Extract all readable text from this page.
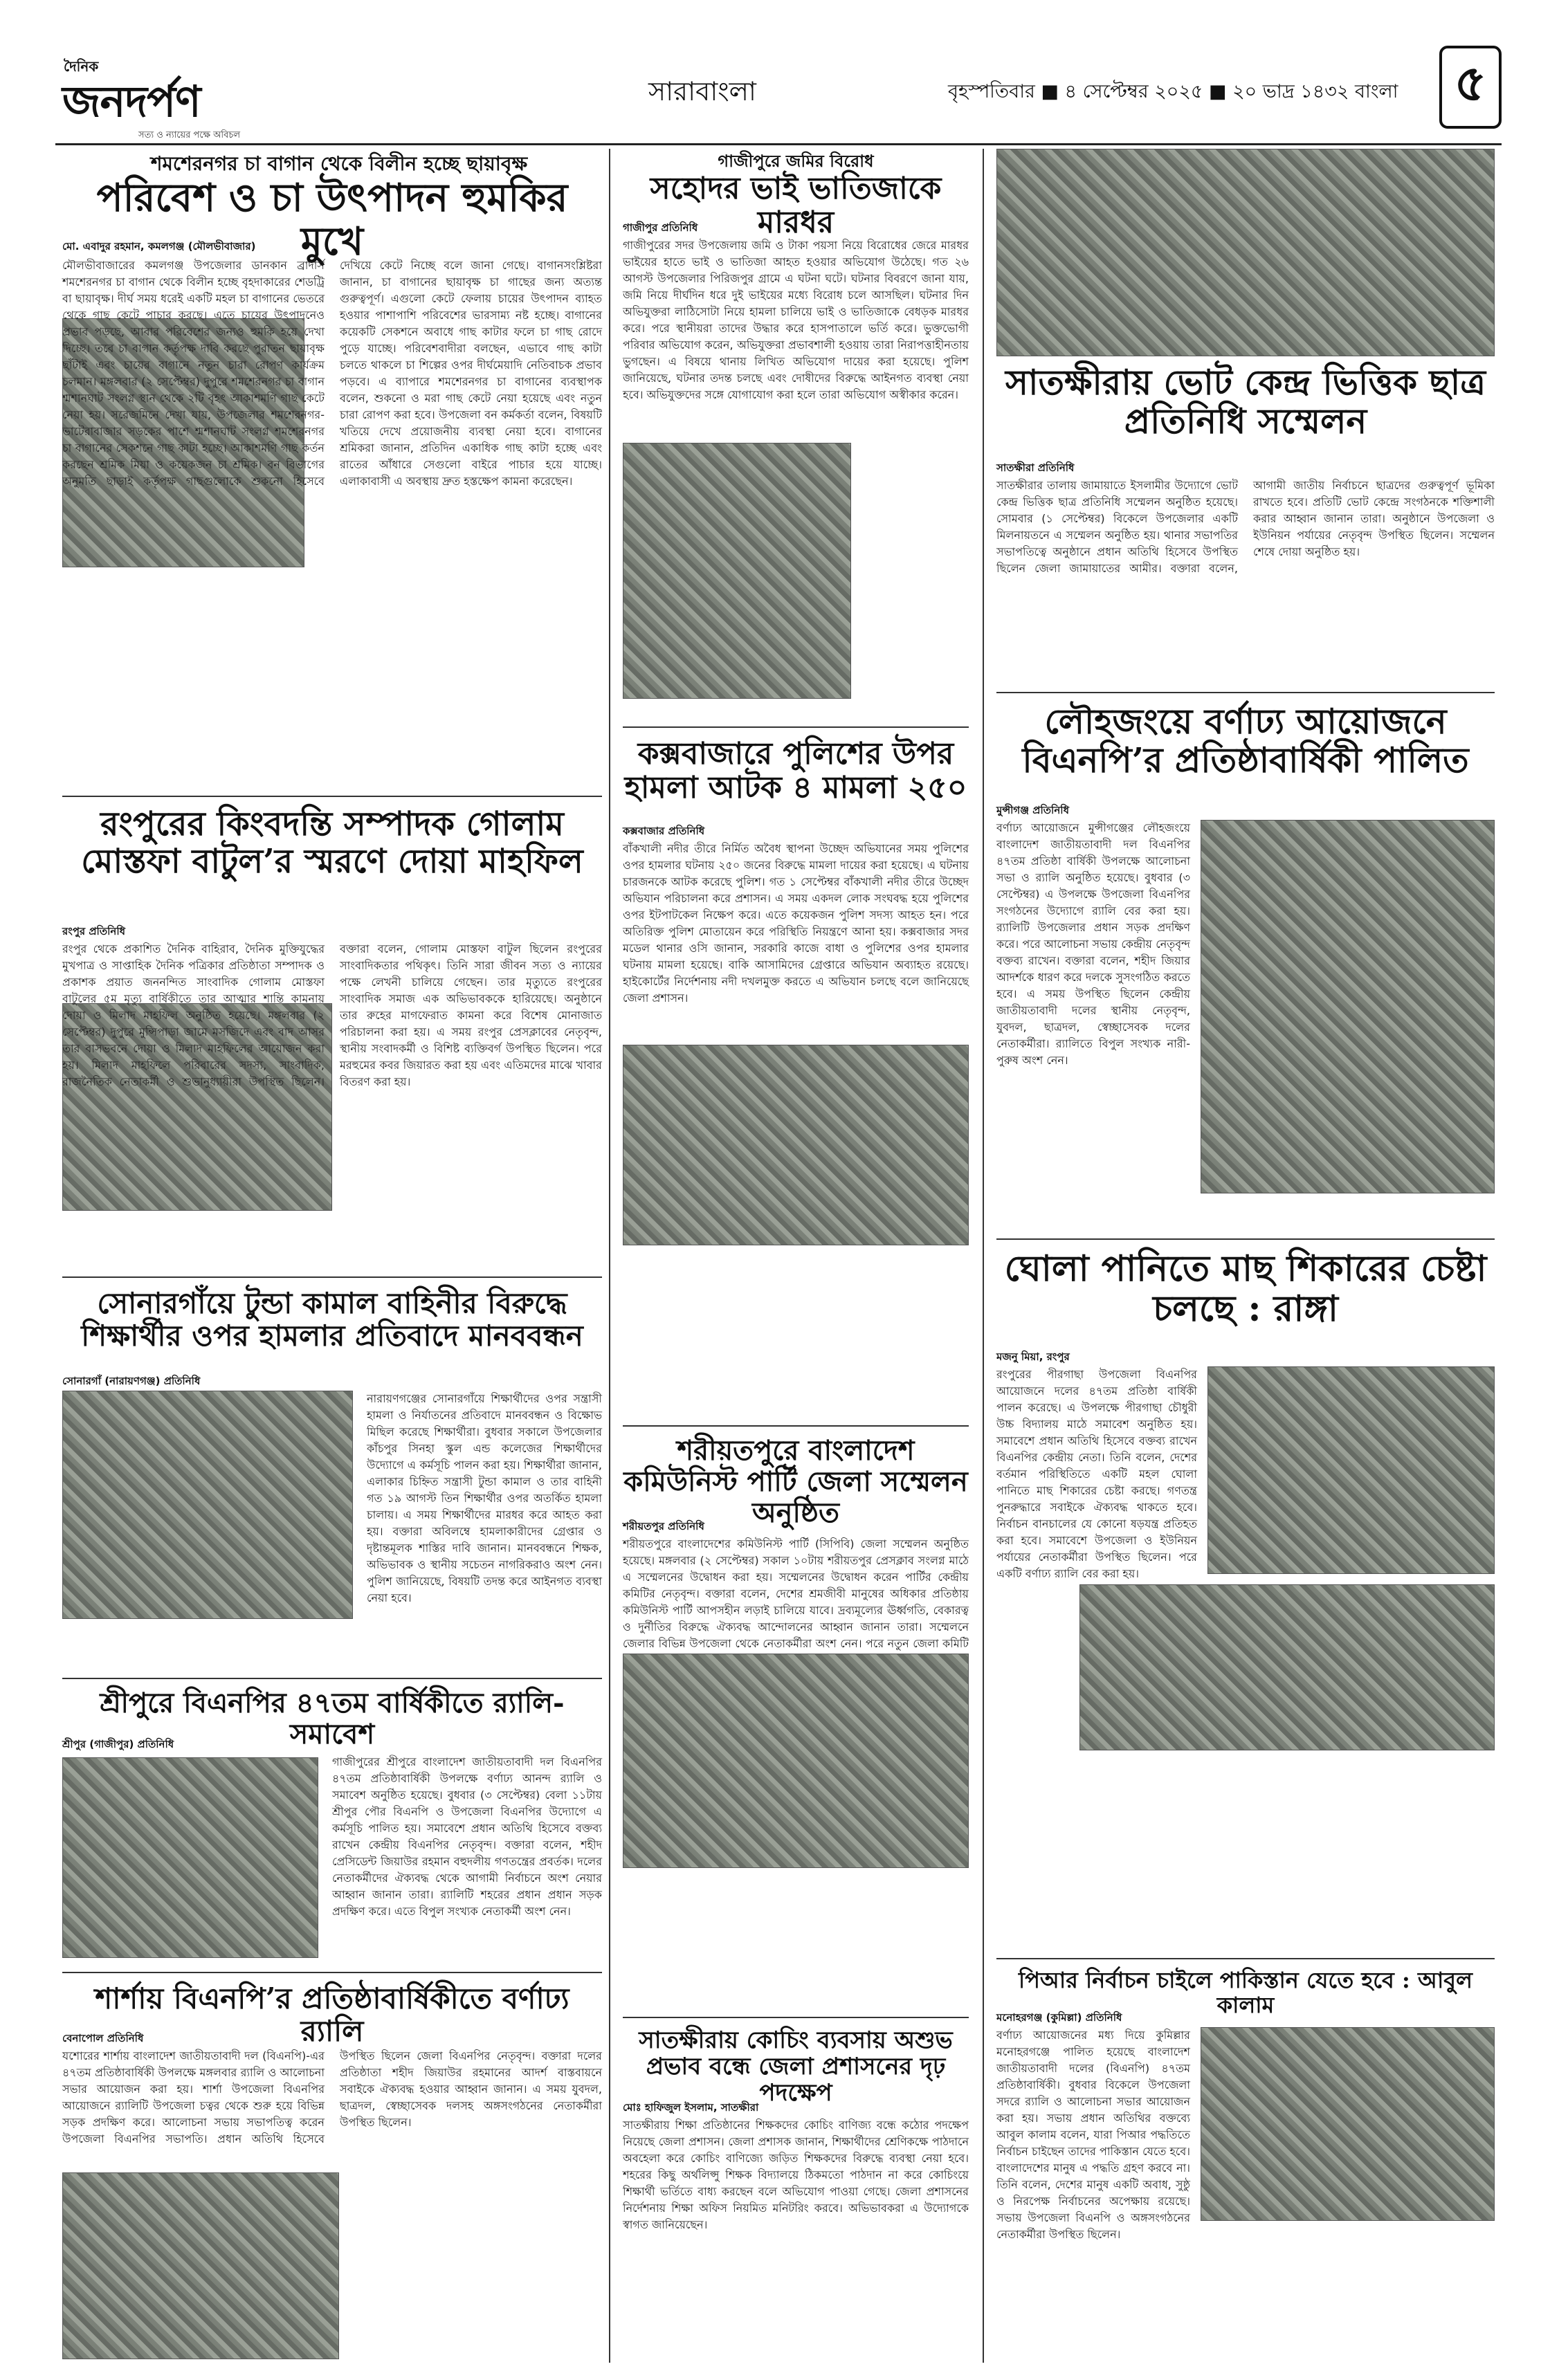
দৈনিক
জনদর্পণ
সত্য ও ন্যায়ের পক্ষে অবিচল
সারাবাংলা	বৃহস্পতিবার ■ ৪ সেপ্টেম্বর ২০২৫ ■ ২০ ভাদ্র ১৪৩২ বাংলা	৫
শমশেরনগর চা বাগান থেকে বিলীন হচ্ছে ছায়াবৃক্ষ
পরিবেশ ও চা উৎপাদন হুমকির মুখে
মো. এবাদুর রহমান, কমলগঞ্জ (মৌলভীবাজার)
মৌলভীবাজারের কমলগঞ্জ উপজেলার ডানকান ব্রাদার্স শমশেরনগর চা বাগান থেকে বিলীন হচ্ছে বৃহদাকারের শেডট্রি বা ছায়াবৃক্ষ। দীর্ঘ সময় ধরেই একটি মহল চা বাগানের ভেতরে থেকে গাছ কেটে পাচার করছে। এতে চায়ের উৎপাদনেও প্রভাব পড়ছে, আবার পরিবেশের জন্যও হুমকি হয়ে দেখা দিচ্ছে। তবে চা বাগান কর্তৃপক্ষ দাবি করছে পুরাতন ছায়াবৃক্ষ ছাঁটাই এবং চায়ের বাগানে নতুন চারা রোপণ কার্যক্রম চলমান। মঙ্গলবার (২ সেপ্টেম্বর) দুপুরে শমশেরনগর চা বাগান শ্মশানঘাট সংলগ্ন স্থান থেকে ২টি বৃহৎ আকাশমণি গাছ কেটে নেয়া হয়। সরেজমিনে দেখা যায়, উপজেলার শমশেরনগর-ভাটেরাবাজার সড়কের পাশে শ্মশানঘাট সংলগ্ন শমশেরনগর চা বাগানের সেকশনে গাছ কাটা হচ্ছে। আকাশমণি গাছ কর্তন করছেন শ্রমিক মিয়া ও কয়েকজন চা শ্রমিক। বন বিভাগের অনুমতি ছাড়াই কর্তৃপক্ষ গাছগুলোকে শুকনো হিসেবে দেখিয়ে কেটে নিচ্ছে বলে জানা গেছে। বাগানসংশ্লিষ্টরা জানান, চা বাগানের ছায়াবৃক্ষ চা গাছের জন্য অত্যন্ত গুরুত্বপূর্ণ। এগুলো কেটে ফেলায় চায়ের উৎপাদন ব্যাহত হওয়ার পাশাপাশি পরিবেশের ভারসাম্য নষ্ট হচ্ছে। বাগানের কয়েকটি সেকশনে অবাধে গাছ কাটার ফলে চা গাছ রোদে পুড়ে যাচ্ছে। পরিবেশবাদীরা বলছেন, এভাবে গাছ কাটা চলতে থাকলে চা শিল্পের ওপর দীর্ঘমেয়াদি নেতিবাচক প্রভাব পড়বে। এ ব্যাপারে শমশেরনগর চা বাগানের ব্যবস্থাপক বলেন, শুকনো ও মরা গাছ কেটে নেয়া হয়েছে এবং নতুন চারা রোপণ করা হবে। উপজেলা বন কর্মকর্তা বলেন, বিষয়টি খতিয়ে দেখে প্রয়োজনীয় ব্যবস্থা নেয়া হবে। বাগানের শ্রমিকরা জানান, প্রতিদিন একাধিক গাছ কাটা হচ্ছে এবং রাতের আঁধারে সেগুলো বাইরে পাচার হয়ে যাচ্ছে। এলাকাবাসী এ অবস্থায় দ্রুত হস্তক্ষেপ কামনা করেছেন।
রংপুরের কিংবদন্তি সম্পাদক গোলাম মোস্তফা বাটুল’র স্মরণে দোয়া মাহফিল
রংপুর প্রতিনিধি
রংপুর থেকে প্রকাশিত দৈনিক বাহিরাব, দৈনিক মুক্তিযুদ্ধের মুখপাত্র ও সাপ্তাহিক দৈনিক পত্রিকার প্রতিষ্ঠাতা সম্পাদক ও প্রকাশক প্রয়াত জননন্দিত সাংবাদিক গোলাম মোস্তফা বাটুলের ৫ম মৃত্যু বার্ষিকীতে তার আত্মার শান্তি কামনায় দোয়া ও মিলাদ মাহফিল অনুষ্ঠিত হয়েছে। মঙ্গলবার (২ সেপ্টেম্বর) দুপুরে মুন্সিপাড়া জামে মসজিদে এবং বাদ আসর তার বাসভবনে দোয়া ও মিলাদ মাহফিলের আয়োজন করা হয়। মিলাদ মাহফিলে পরিবারের সদস্য, সাংবাদিক, রাজনৈতিক নেতাকর্মী ও শুভানুধ্যায়ীরা উপস্থিত ছিলেন। বক্তারা বলেন, গোলাম মোস্তফা বাটুল ছিলেন রংপুরের সাংবাদিকতার পথিকৃৎ। তিনি সারা জীবন সত্য ও ন্যায়ের পক্ষে লেখনী চালিয়ে গেছেন। তার মৃত্যুতে রংপুরের সাংবাদিক সমাজ এক অভিভাবককে হারিয়েছে। অনুষ্ঠানে তার রুহের মাগফেরাত কামনা করে বিশেষ মোনাজাত পরিচালনা করা হয়। এ সময় রংপুর প্রেসক্লাবের নেতৃবৃন্দ, স্থানীয় সংবাদকর্মী ও বিশিষ্ট ব্যক্তিবর্গ উপস্থিত ছিলেন। পরে মরহুমের কবর জিয়ারত করা হয় এবং এতিমদের মাঝে খাবার বিতরণ করা হয়।
সোনারগাঁয়ে টুন্ডা কামাল বাহিনীর বিরুদ্ধে শিক্ষার্থীর ওপর হামলার প্রতিবাদে মানববন্ধন
সোনারগাঁ (নারায়ণগঞ্জ) প্রতিনিধি
নারায়ণগঞ্জের সোনারগাঁয়ে শিক্ষার্থীদের ওপর সন্ত্রাসী হামলা ও নির্যাতনের প্রতিবাদে মানববন্ধন ও বিক্ষোভ মিছিল করেছে শিক্ষার্থীরা। বুধবার সকালে উপজেলার কাঁচপুর সিনহা স্কুল এন্ড কলেজের শিক্ষার্থীদের উদ্যোগে এ কর্মসূচি পালন করা হয়। শিক্ষার্থীরা জানান, এলাকার চিহ্নিত সন্ত্রাসী টুন্ডা কামাল ও তার বাহিনী গত ১৯ আগস্ট তিন শিক্ষার্থীর ওপর অতর্কিত হামলা চালায়। এ সময় শিক্ষার্থীদের মারধর করে আহত করা হয়। বক্তারা অবিলম্বে হামলাকারীদের গ্রেপ্তার ও দৃষ্টান্তমূলক শাস্তির দাবি জানান। মানববন্ধনে শিক্ষক, অভিভাবক ও স্থানীয় সচেতন নাগরিকরাও অংশ নেন। পুলিশ জানিয়েছে, বিষয়টি তদন্ত করে আইনগত ব্যবস্থা নেয়া হবে।
শ্রীপুরে বিএনপির ৪৭তম বার্ষিকীতে র‌্যালি-সমাবেশ
শ্রীপুর (গাজীপুর) প্রতিনিধি
গাজীপুরের শ্রীপুরে বাংলাদেশ জাতীয়তাবাদী দল বিএনপির ৪৭তম প্রতিষ্ঠাবার্ষিকী উপলক্ষে বর্ণাঢ্য আনন্দ র‌্যালি ও সমাবেশ অনুষ্ঠিত হয়েছে। বুধবার (৩ সেপ্টেম্বর) বেলা ১১টায় শ্রীপুর পৌর বিএনপি ও উপজেলা বিএনপির উদ্যোগে এ কর্মসূচি পালিত হয়। সমাবেশে প্রধান অতিথি হিসেবে বক্তব্য রাখেন কেন্দ্রীয় বিএনপির নেতৃবৃন্দ। বক্তারা বলেন, শহীদ প্রেসিডেন্ট জিয়াউর রহমান বহুদলীয় গণতন্ত্রের প্রবর্তক। দলের নেতাকর্মীদের ঐক্যবদ্ধ থেকে আগামী নির্বাচনে অংশ নেয়ার আহ্বান জানান তারা। র‌্যালিটি শহরের প্রধান প্রধান সড়ক প্রদক্ষিণ করে। এতে বিপুল সংখ্যক নেতাকর্মী অংশ নেন।
শার্শায় বিএনপি’র প্রতিষ্ঠাবার্ষিকীতে বর্ণাঢ্য র‍্যালি
বেনাপোল প্রতিনিধি
যশোরের শার্শায় বাংলাদেশ জাতীয়তাবাদী দল (বিএনপি)-এর ৪৭তম প্রতিষ্ঠাবার্ষিকী উপলক্ষে মঙ্গলবার র‍্যালি ও আলোচনা সভার আয়োজন করা হয়। শার্শা উপজেলা বিএনপির আয়োজনে র‍্যালিটি উপজেলা চত্বর থেকে শুরু হয়ে বিভিন্ন সড়ক প্রদক্ষিণ করে। আলোচনা সভায় সভাপতিত্ব করেন উপজেলা বিএনপির সভাপতি। প্রধান অতিথি হিসেবে উপস্থিত ছিলেন জেলা বিএনপির নেতৃবৃন্দ। বক্তারা দলের প্রতিষ্ঠাতা শহীদ জিয়াউর রহমানের আদর্শ বাস্তবায়নে সবাইকে ঐক্যবদ্ধ হওয়ার আহ্বান জানান। এ সময় যুবদল, ছাত্রদল, স্বেচ্ছাসেবক দলসহ অঙ্গসংগঠনের নেতাকর্মীরা উপস্থিত ছিলেন।
গাজীপুরে জমির বিরোধ
সহোদর ভাই ভাতিজাকে মারধর
গাজীপুর প্রতিনিধি
গাজীপুরের সদর উপজেলায় জমি ও টাকা পয়সা নিয়ে বিরোধের জেরে মারধর ভাইয়ের হাতে ভাই ও ভাতিজা আহত হওয়ার অভিযোগ উঠেছে। গত ২৬ আগস্ট উপজেলার পিরিজপুর গ্রামে এ ঘটনা ঘটে। ঘটনার বিবরণে জানা যায়, জমি নিয়ে দীর্ঘদিন ধরে দুই ভাইয়ের মধ্যে বিরোধ চলে আসছিল। ঘটনার দিন অভিযুক্তরা লাঠিসোটা নিয়ে হামলা চালিয়ে ভাই ও ভাতিজাকে বেধড়ক মারধর করে। পরে স্থানীয়রা তাদের উদ্ধার করে হাসপাতালে ভর্তি করে। ভুক্তভোগী পরিবার অভিযোগ করেন, অভিযুক্তরা প্রভাবশালী হওয়ায় তারা নিরাপত্তাহীনতায় ভুগছেন। এ বিষয়ে থানায় লিখিত অভিযোগ দায়ের করা হয়েছে। পুলিশ জানিয়েছে, ঘটনার তদন্ত চলছে এবং দোষীদের বিরুদ্ধে আইনগত ব্যবস্থা নেয়া হবে। অভিযুক্তদের সঙ্গে যোগাযোগ করা হলে তারা অভিযোগ অস্বীকার করেন।
কক্সবাজারে পুলিশের উপর হামলা আটক ৪ মামলা ২৫০
কক্সবাজার প্রতিনিধি
বাঁকখালী নদীর তীরে নির্মিত অবৈধ স্থাপনা উচ্ছেদ অভিযানের সময় পুলিশের ওপর হামলার ঘটনায় ২৫০ জনের বিরুদ্ধে মামলা দায়ের করা হয়েছে। এ ঘটনায় চারজনকে আটক করেছে পুলিশ। গত ১ সেপ্টেম্বর বাঁকখালী নদীর তীরে উচ্ছেদ অভিযান পরিচালনা করে প্রশাসন। এ সময় একদল লোক সংঘবদ্ধ হয়ে পুলিশের ওপর ইটপাটকেল নিক্ষেপ করে। এতে কয়েকজন পুলিশ সদস্য আহত হন। পরে অতিরিক্ত পুলিশ মোতায়েন করে পরিস্থিতি নিয়ন্ত্রণে আনা হয়। কক্সবাজার সদর মডেল থানার ওসি জানান, সরকারি কাজে বাধা ও পুলিশের ওপর হামলার ঘটনায় মামলা হয়েছে। বাকি আসামিদের গ্রেপ্তারে অভিযান অব্যাহত রয়েছে। হাইকোর্টের নির্দেশনায় নদী দখলমুক্ত করতে এ অভিযান চলছে বলে জানিয়েছে জেলা প্রশাসন।
শরীয়তপুরে বাংলাদেশ কমিউনিস্ট পার্টি জেলা সম্মেলন অনুষ্ঠিত
শরীয়তপুর প্রতিনিধি
শরীয়তপুরে বাংলাদেশের কমিউনিস্ট পার্টি (সিপিবি) জেলা সম্মেলন অনুষ্ঠিত হয়েছে। মঙ্গলবার (২ সেপ্টেম্বর) সকাল ১০টায় শরীয়তপুর প্রেসক্লাব সংলগ্ন মাঠে এ সম্মেলনের উদ্বোধন করা হয়। সম্মেলনের উদ্বোধন করেন পার্টির কেন্দ্রীয় কমিটির নেতৃবৃন্দ। বক্তারা বলেন, দেশের শ্রমজীবী মানুষের অধিকার প্রতিষ্ঠায় কমিউনিস্ট পার্টি আপসহীন লড়াই চালিয়ে যাবে। দ্রব্যমূল্যের ঊর্ধ্বগতি, বেকারত্ব ও দুর্নীতির বিরুদ্ধে ঐক্যবদ্ধ আন্দোলনের আহ্বান জানান তারা। সম্মেলনে জেলার বিভিন্ন উপজেলা থেকে নেতাকর্মীরা অংশ নেন। পরে নতুন জেলা কমিটি
সাতক্ষীরায় কোচিং ব্যবসায় অশুভ প্রভাব বন্ধে জেলা প্রশাসনের দৃঢ় পদক্ষেপ
মোঃ হাফিজুল ইসলাম, সাতক্ষীরা
সাতক্ষীরায় শিক্ষা প্রতিষ্ঠানের শিক্ষকদের কোচিং বাণিজ্য বন্ধে কঠোর পদক্ষেপ নিয়েছে জেলা প্রশাসন। জেলা প্রশাসক জানান, শিক্ষার্থীদের শ্রেণিকক্ষে পাঠদানে অবহেলা করে কোচিং বাণিজ্যে জড়িত শিক্ষকদের বিরুদ্ধে ব্যবস্থা নেয়া হবে। শহরের কিছু অর্থলিপ্সু শিক্ষক বিদ্যালয়ে ঠিকমতো পাঠদান না করে কোচিংয়ে শিক্ষার্থী ভর্তিতে বাধ্য করছেন বলে অভিযোগ পাওয়া গেছে। জেলা প্রশাসনের নির্দেশনায় শিক্ষা অফিস নিয়মিত মনিটরিং করবে। অভিভাবকরা এ উদ্যোগকে স্বাগত জানিয়েছেন।
সাতক্ষীরায় ভোট কেন্দ্র ভিত্তিক ছাত্র প্রতিনিধি সম্মেলন
সাতক্ষীরা প্রতিনিধি
সাতক্ষীরার তালায় জামায়াতে ইসলামীর উদ্যোগে ভোট কেন্দ্র ভিত্তিক ছাত্র প্রতিনিধি সম্মেলন অনুষ্ঠিত হয়েছে। সোমবার (১ সেপ্টেম্বর) বিকেলে উপজেলার একটি মিলনায়তনে এ সম্মেলন অনুষ্ঠিত হয়। থানার সভাপতির সভাপতিত্বে অনুষ্ঠানে প্রধান অতিথি হিসেবে উপস্থিত ছিলেন জেলা জামায়াতের আমীর। বক্তারা বলেন, আগামী জাতীয় নির্বাচনে ছাত্রদের গুরুত্বপূর্ণ ভূমিকা রাখতে হবে। প্রতিটি ভোট কেন্দ্রে সংগঠনকে শক্তিশালী করার আহ্বান জানান তারা। অনুষ্ঠানে উপজেলা ও ইউনিয়ন পর্যায়ের নেতৃবৃন্দ উপস্থিত ছিলেন। সম্মেলন শেষে দোয়া অনুষ্ঠিত হয়।
লৌহজংয়ে বর্ণাঢ্য আয়োজনে বিএনপি’র প্রতিষ্ঠাবার্ষিকী পালিত
মুন্সীগঞ্জ প্রতিনিধি
বর্ণাঢ্য আয়োজনে মুন্সীগঞ্জের লৌহজংয়ে বাংলাদেশ জাতীয়তাবাদী দল বিএনপির ৪৭তম প্রতিষ্ঠা বার্ষিকী উপলক্ষে আলোচনা সভা ও র‌্যালি অনুষ্ঠিত হয়েছে। বুধবার (৩ সেপ্টেম্বর) এ উপলক্ষে উপজেলা বিএনপির সংগঠনের উদ্যোগে র‌্যালি বের করা হয়। র‌্যালিটি উপজেলার প্রধান সড়ক প্রদক্ষিণ করে। পরে আলোচনা সভায় কেন্দ্রীয় নেতৃবৃন্দ বক্তব্য রাখেন। বক্তারা বলেন, শহীদ জিয়ার আদর্শকে ধারণ করে দলকে সুসংগঠিত করতে হবে। এ সময় উপস্থিত ছিলেন কেন্দ্রীয় জাতীয়তাবাদী দলের স্থানীয় নেতৃবৃন্দ, যুবদল, ছাত্রদল, স্বেচ্ছাসেবক দলের নেতাকর্মীরা। র‌্যালিতে বিপুল সংখ্যক নারী-পুরুষ অংশ নেন।
ঘোলা পানিতে মাছ শিকারের চেষ্টা চলছে : রাঙ্গা
মজনু মিয়া, রংপুর
রংপুরের পীরগাছা উপজেলা বিএনপির আয়োজনে দলের ৪৭তম প্রতিষ্ঠা বার্ষিকী পালন করেছে। এ উপলক্ষে পীরগাছা চৌধুরী উচ্চ বিদ্যালয় মাঠে সমাবেশ অনুষ্ঠিত হয়। সমাবেশে প্রধান অতিথি হিসেবে বক্তব্য রাখেন বিএনপির কেন্দ্রীয় নেতা। তিনি বলেন, দেশের বর্তমান পরিস্থিতিতে একটি মহল ঘোলা পানিতে মাছ শিকারের চেষ্টা করছে। গণতন্ত্র পুনরুদ্ধারে সবাইকে ঐক্যবদ্ধ থাকতে হবে। নির্বাচন বানচালের যে কোনো ষড়যন্ত্র প্রতিহত করা হবে। সমাবেশে উপজেলা ও ইউনিয়ন পর্যায়ের নেতাকর্মীরা উপস্থিত ছিলেন। পরে একটি বর্ণাঢ্য র‌্যালি বের করা হয়।
পিআর নির্বাচন চাইলে পাকিস্তান যেতে হবে : আবুল কালাম
মনোহরগঞ্জ (কুমিল্লা) প্রতিনিধি
বর্ণাঢ্য আয়োজনের মধ্য দিয়ে কুমিল্লার মনোহরগঞ্জে পালিত হয়েছে বাংলাদেশ জাতীয়তাবাদী দলের (বিএনপি) ৪৭তম প্রতিষ্ঠাবার্ষিকী। বুধবার বিকেলে উপজেলা সদরে র‌্যালি ও আলোচনা সভার আয়োজন করা হয়। সভায় প্রধান অতিথির বক্তব্যে আবুল কালাম বলেন, যারা পিআর পদ্ধতিতে নির্বাচন চাইছেন তাদের পাকিস্তান যেতে হবে। বাংলাদেশের মানুষ এ পদ্ধতি গ্রহণ করবে না। তিনি বলেন, দেশের মানুষ একটি অবাধ, সুষ্ঠু ও নিরপেক্ষ নির্বাচনের অপেক্ষায় রয়েছে। সভায় উপজেলা বিএনপি ও অঙ্গসংগঠনের নেতাকর্মীরা উপস্থিত ছিলেন।
